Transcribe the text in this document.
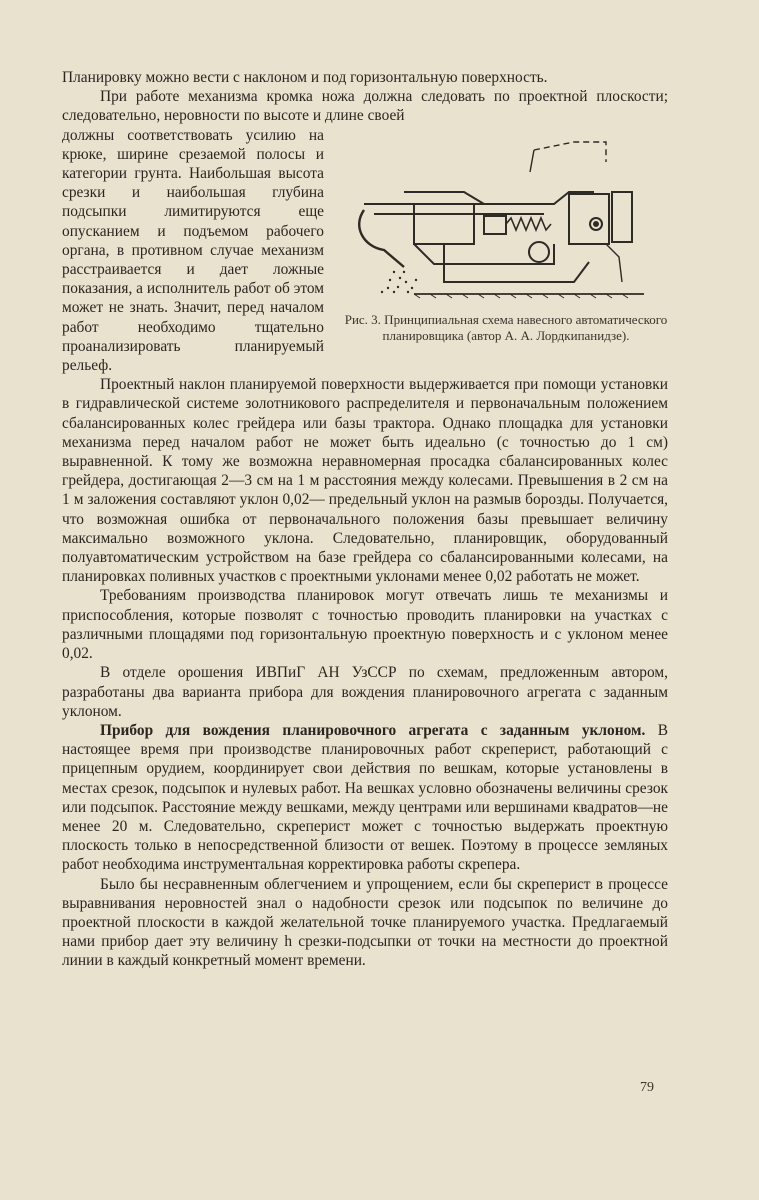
Планировку можно вести с наклоном и под горизонтальную поверхность.

При работе механизма кромка ножа должна следовать по проектной плоскости; следовательно, неровности по высоте и длине своей

должны соответствовать усилию на крюке, ширине срезаемой полосы и категории грунта. Наибольшая высота срезки и наибольшая глубина подсыпки лимитируются еще опусканием и подъемом рабочего органа, в противном случае механизм расстраивается и дает ложные показания, а исполнитель работ об этом может не знать. Значит, перед началом работ необходимо тщательно проанализировать планируемый рельеф.

Рис. 3. Принципиальная схема навесного автоматического планировщика (автор А. А. Лордкипанидзе).

Проектный наклон планируемой поверхности выдерживается при помощи установки в гидравлической системе золотникового распределителя и первоначальным положением сбалансированных колес грейдера или базы трактора. Однако площадка для установки механизма перед началом работ не может быть идеально (с точностью до 1 см) выравненной. К тому же возможна неравномерная просадка сбалансированных колес грейдера, достигающая 2—3 см на 1 м расстояния между колесами. Превышения в 2 см на 1 м заложения составляют уклон 0,02— предельный уклон на размыв борозды. Получается, что возможная ошибка от первоначального положения базы превышает величину максимально возможного уклона. Следовательно, планировщик, оборудованный полуавтоматическим устройством на базе грейдера со сбалансированными колесами, на планировках поливных участков с проектными уклонами менее 0,02 работать не может.

Требованиям производства планировок могут отвечать лишь те механизмы и приспособления, которые позволят с точностью проводить планировки на участках с различными площадями под горизонтальную проектную поверхность и с уклоном менее 0,02.

В отделе орошения ИВПиГ АН УзССР по схемам, предложенным автором, разработаны два варианта прибора для вождения планировочного агрегата с заданным уклоном.

Прибор для вождения планировочного агрегата с заданным уклоном. В настоящее время при производстве планировочных работ скреперист, работающий с прицепным орудием, координирует свои действия по вешкам, которые установлены в местах срезок, подсыпок и нулевых работ. На вешках условно обозначены величины срезок или подсыпок. Расстояние между вешками, между центрами или вершинами квадратов—не менее 20 м. Следовательно, скреперист может с точностью выдержать проектную плоскость только в непосредственной близости от вешек. Поэтому в процессе земляных работ необходима инструментальная корректировка работы скрепера.

Было бы несравненным облегчением и упрощением, если бы скреперист в процессе выравнивания неровностей знал о надобности срезок или подсыпок по величине до проектной плоскости в каждой желательной точке планируемого участка. Предлагаемый нами прибор дает эту величину h срезки-подсыпки от точки на местности до проектной линии в каждый конкретный момент времени.

79
